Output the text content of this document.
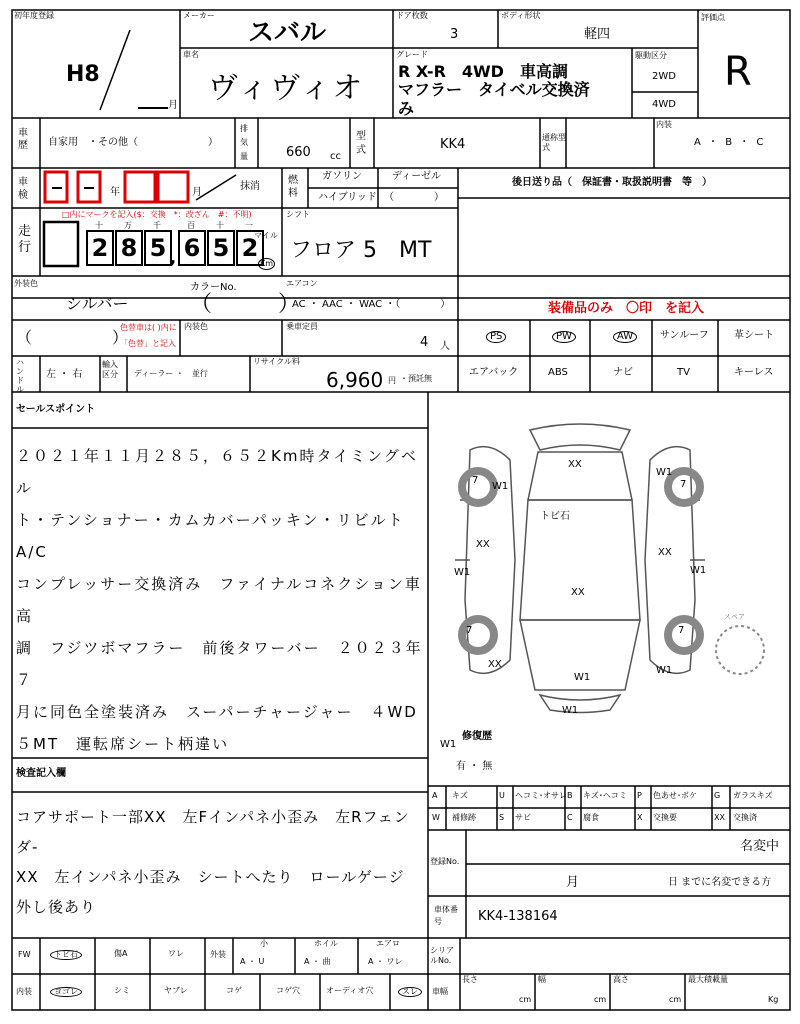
初年度登録
H8
月
メーカー
スバル
ドア枚数
3
ボディ形状
軽四
評価点
R
車名
ヴィヴィオ
グレード
R X-R　4WD　車高調
マフラー　タイベル交換済
み
駆動区分
2WD
4WD
車歴 自家用　・その他（　　　　　　　）
排気量	660 cc
型式	KK4	通称型式
内装
A ・ B ・ C
車検	年	月
抹消
燃料
ガソリン	ディーゼル
ハイブリッド （　　　　）
後日送り品（　保証書・取扱説明書　等　）
走行
□内にマークを記入($：交換　*：改ざん　#：不明)
2
十
8
万
5
千
6
百
5
十
2
一
,
マイル
Km
シフト
フロア 5　MT
外装色
シルバー
カラーNo.
（　　　）
エアコン
AC ・ AAC ・ WAC ・（　　　　）	装備品のみ　〇印　を記入
（　　　　　）
色替車は( )内に
「色替」と記入
内装色	乗車定員
4 人
PS	PW	AW	サンルーフ	革シート
エアバック	ABS	ナビ	TV	キーレス
ハンドル
左 ・ 右
輸入区分	ディーラー ・　並行
リサイクル料
6,960 円 ・預託無
セールスポイント
２０２１年１１月２８５，６５２Km時タイミングベル
ト・テンショナー・カムカバーパッキン・リビルトA/C
コンプレッサー交換済み　ファイナルコネクション車高
調　フジツボマフラー　前後タワーバー　２０２３年７
月に同色全塗装済み　スーパーチャージャー　４WD
５MT　運転席シート柄違い
XX
W1
トビ石
XX
W1
XX
W1	W1
XX
XX
W1
W1
W1
W1
7	7
7	7
スペア
修復歴
有 ・ 無
検査記入欄
コアサポート一部XX　左Fインパネ小歪み　左Rフェンダ-
XX　左インパネ小歪み　シートへたり　ロールゲージ
外し後あり
A キズ	U ヘコミ･オサレ B キズ･ヘコミ P 色あせ･ボケ G ガラスキズ
W 補修跡	S サビ	C 腐食	X 交換要	XX 交換済
登録No.
名変中
月	日 までに名変できる方
車体番号	KK4-138164
シリアルNo.
FW	トビ石	傷A	ワレ	外装
小	ホイル	エアロ
A ・ U	A ・ 曲	A ・ ワレ
内装	ヨゴレ	シミ	ヤブレ	コゲ	コゲ穴	オーディオ穴	スレ	車幅
長さ	幅	高さ	最大積載量
cm	cm	cm	Kg
